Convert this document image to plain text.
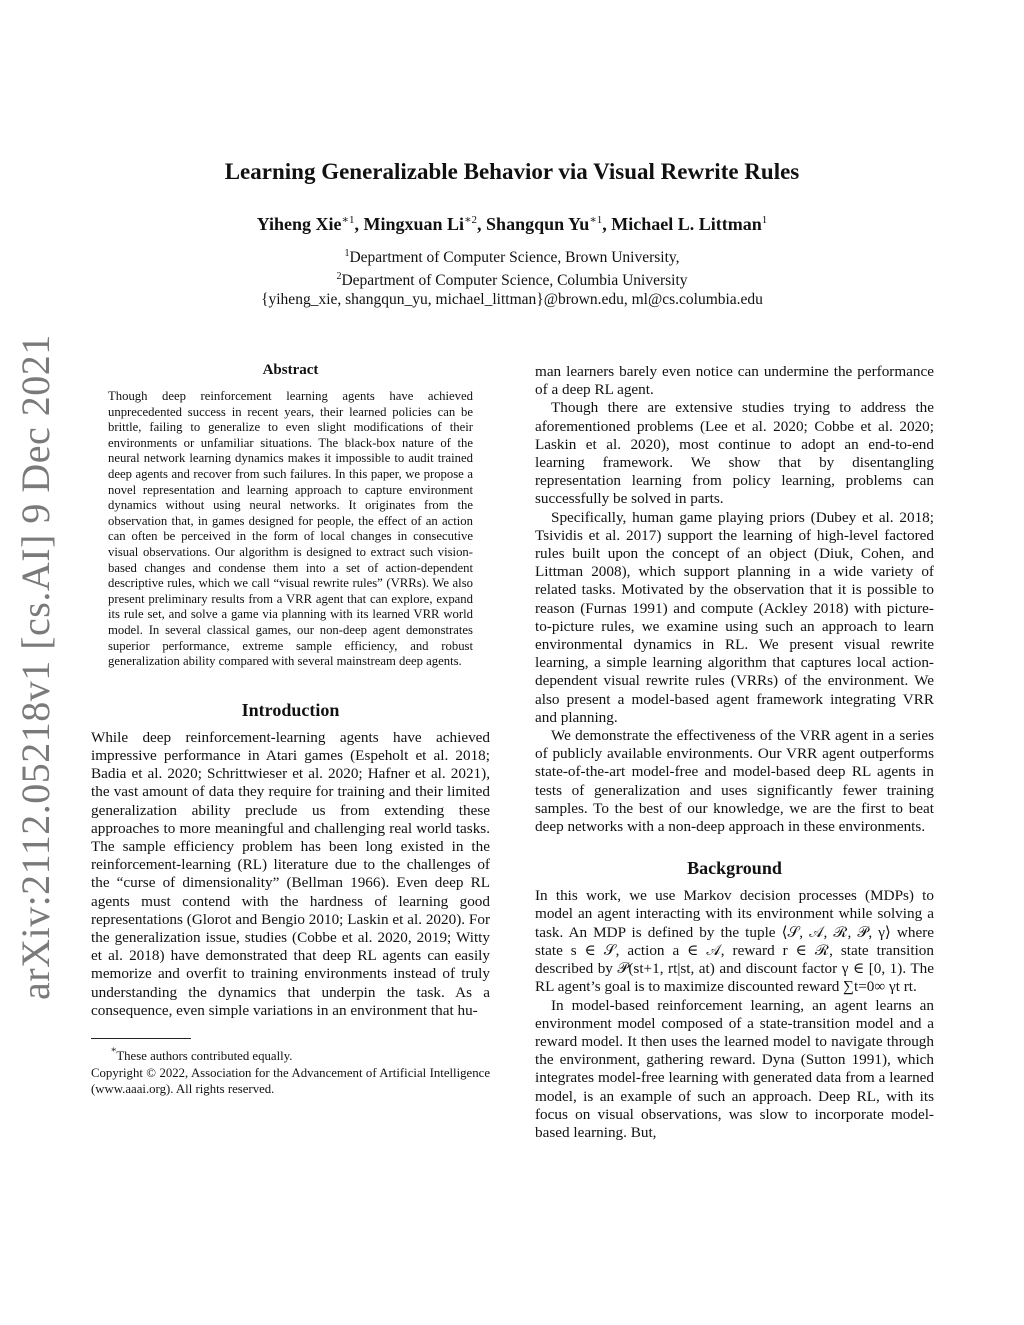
arXiv:2112.05218v1 [cs.AI] 9 Dec 2021
Learning Generalizable Behavior via Visual Rewrite Rules
Yiheng Xie$^{∗1}$, Mingxuan $Li^{∗2}$, Shangqun $Yu^{∗1}$, Michael L. Littman$^1$
$^1$Department of Computer Science, Brown University,
$^2$Department of Computer Science, Columbia University
{yiheng_xie, shangqun_yu, michael_littman}@brown.edu, ml@cs.columbia.edu
Abstract

Though deep reinforcement learning agents have achieved unprecedented success in recent years, their learned policies can be brittle, failing to generalize to even slight modifications of their environments or unfamiliar situations. The black-box nature of the neural network learning dynamics makes it impossible to audit trained deep agents and recover from such failures. In this paper, we propose a novel representation and learning approach to capture environment dynamics without using neural networks. It originates from the observation that, in games designed for people, the effect of an action can often be perceived in the form of local changes in consecutive visual observations. Our algorithm is designed to extract such vision-based changes and condense them into a set of action-dependent descriptive rules, which we call “visual rewrite rules” (VRRs). We also present preliminary results from a VRR agent that can explore, expand its rule set, and solve a game via planning with its learned VRR world model. In several classical games, our non-deep agent demonstrates superior performance, extreme sample efficiency, and robust generalization ability compared with several mainstream deep agents.

Introduction

While deep reinforcement-learning agents have achieved impressive performance in Atari games (Espeholt et al. 2018; Badia et al. 2020; Schrittwieser et al. 2020; Hafner et al. 2021), the vast amount of data they require for training and their limited generalization ability preclude us from extending these approaches to more meaningful and challenging real world tasks. The sample efficiency problem has been long existed in the reinforcement-learning (RL) literature due to the challenges of the “curse of dimensionality” (Bellman 1966). Even deep RL agents must contend with the hardness of learning good representations (Glorot and Bengio 2010; Laskin et al. 2020). For the generalization issue, studies (Cobbe et al. 2020, 2019; Witty et al. 2018) have demonstrated that deep RL agents can easily memorize and overfit to training environments instead of truly understanding the dynamics that underpin the task. As a consequence, even simple variations in an environment that hu-

*These authors contributed equally.

Copyright © 2022, Association for the Advancement of Artificial Intelligence (www.aaai.org). All rights reserved.

man learners barely even notice can undermine the performance of a deep RL agent.

Though there are extensive studies trying to address the aforementioned problems (Lee et al. 2020; Cobbe et al. 2020; Laskin et al. 2020), most continue to adopt an end-to-end learning framework. We show that by disentangling representation learning from policy learning, problems can successfully be solved in parts.

Specifically, human game playing priors (Dubey et al. 2018; Tsividis et al. 2017) support the learning of high-level factored rules built upon the concept of an object (Diuk, Cohen, and Littman 2008), which support planning in a wide variety of related tasks. Motivated by the observation that it is possible to reason (Furnas 1991) and compute (Ackley 2018) with picture-to-picture rules, we examine using such an approach to learn environmental dynamics in RL. We present visual rewrite learning, a simple learning algorithm that captures local action-dependent visual rewrite rules (VRRs) of the environment. We also present a model-based agent framework integrating VRR and planning.

We demonstrate the effectiveness of the VRR agent in a series of publicly available environments. Our VRR agent outperforms state-of-the-art model-free and model-based deep RL agents in tests of generalization and uses significantly fewer training samples. To the best of our knowledge, we are the first to beat deep networks with a non-deep approach in these environments.

Background

In this work, we use Markov decision processes (MDPs) to model an agent interacting with its environment while solving a task. An MDP is defined by the tuple ⟨𝒮, 𝒜, ℛ, 𝒫, γ⟩ where state s ∈ 𝒮, action a ∈ 𝒜, reward r ∈ ℛ, state transition described by 𝒫(st+1, rt|st, at) and discount factor γ ∈ [0, 1). The RL agent’s goal is to maximize discounted reward ∑t=0∞ γt rt.

In model-based reinforcement learning, an agent learns an environment model composed of a state-transition model and a reward model. It then uses the learned model to navigate through the environment, gathering reward. Dyna (Sutton 1991), which integrates model-free learning with generated data from a learned model, is an example of such an approach. Deep RL, with its focus on visual observations, was slow to incorporate model-based learning. But,
